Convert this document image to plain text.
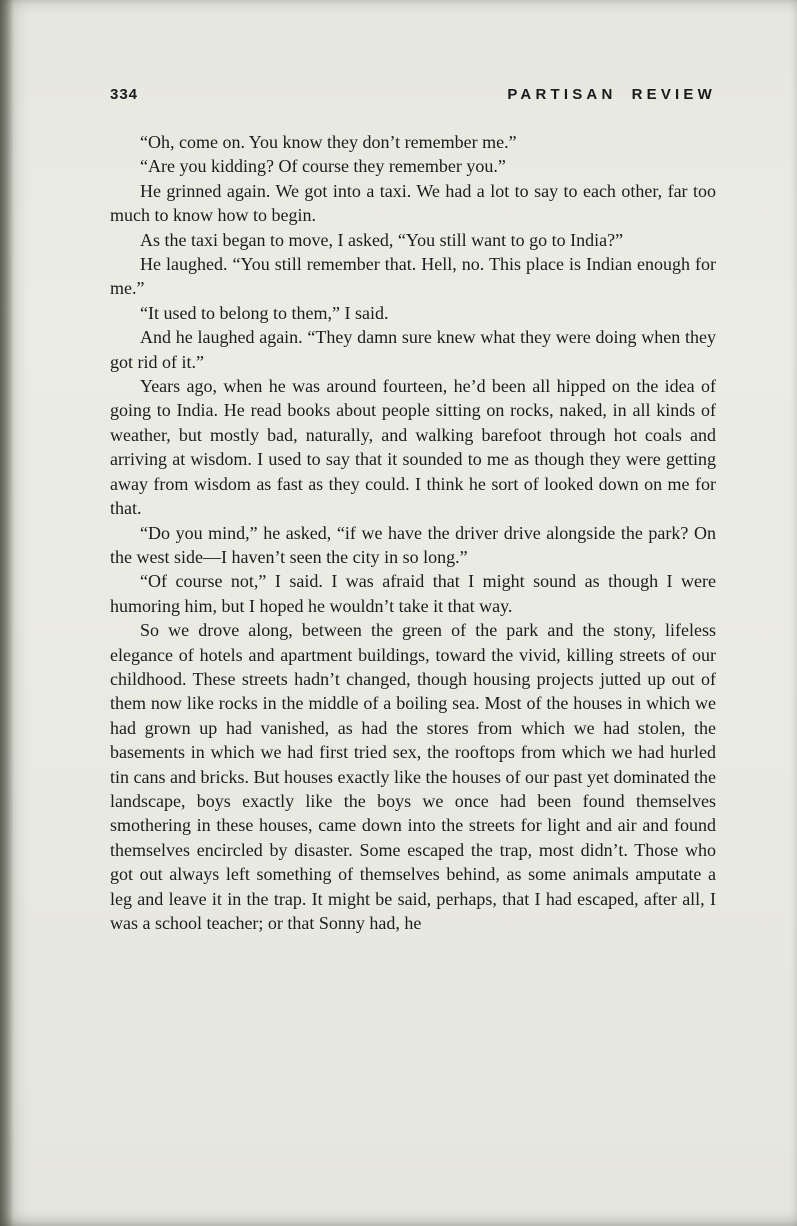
334	PARTISAN REVIEW

“Oh, come on. You know they don’t remember me.”

“Are you kidding? Of course they remember you.”

He grinned again. We got into a taxi. We had a lot to say to each other, far too much to know how to begin.

As the taxi began to move, I asked, “You still want to go to India?”

He laughed. “You still remember that. Hell, no. This place is Indian enough for me.”

“It used to belong to them,” I said.

And he laughed again. “They damn sure knew what they were doing when they got rid of it.”

Years ago, when he was around fourteen, he’d been all hipped on the idea of going to India. He read books about people sitting on rocks, naked, in all kinds of weather, but mostly bad, naturally, and walking barefoot through hot coals and arriving at wisdom. I used to say that it sounded to me as though they were getting away from wisdom as fast as they could. I think he sort of looked down on me for that.

“Do you mind,” he asked, “if we have the driver drive alongside the park? On the west side—I haven’t seen the city in so long.”

“Of course not,” I said. I was afraid that I might sound as though I were humoring him, but I hoped he wouldn’t take it that way.

So we drove along, between the green of the park and the stony, lifeless elegance of hotels and apartment buildings, toward the vivid, killing streets of our childhood. These streets hadn’t changed, though housing projects jutted up out of them now like rocks in the middle of a boiling sea. Most of the houses in which we had grown up had vanished, as had the stores from which we had stolen, the basements in which we had first tried sex, the rooftops from which we had hurled tin cans and bricks. But houses exactly like the houses of our past yet dominated the landscape, boys exactly like the boys we once had been found themselves smothering in these houses, came down into the streets for light and air and found themselves encircled by disaster. Some escaped the trap, most didn’t. Those who got out always left something of themselves behind, as some animals amputate a leg and leave it in the trap. It might be said, perhaps, that I had escaped, after all, I was a school teacher; or that Sonny had, he
